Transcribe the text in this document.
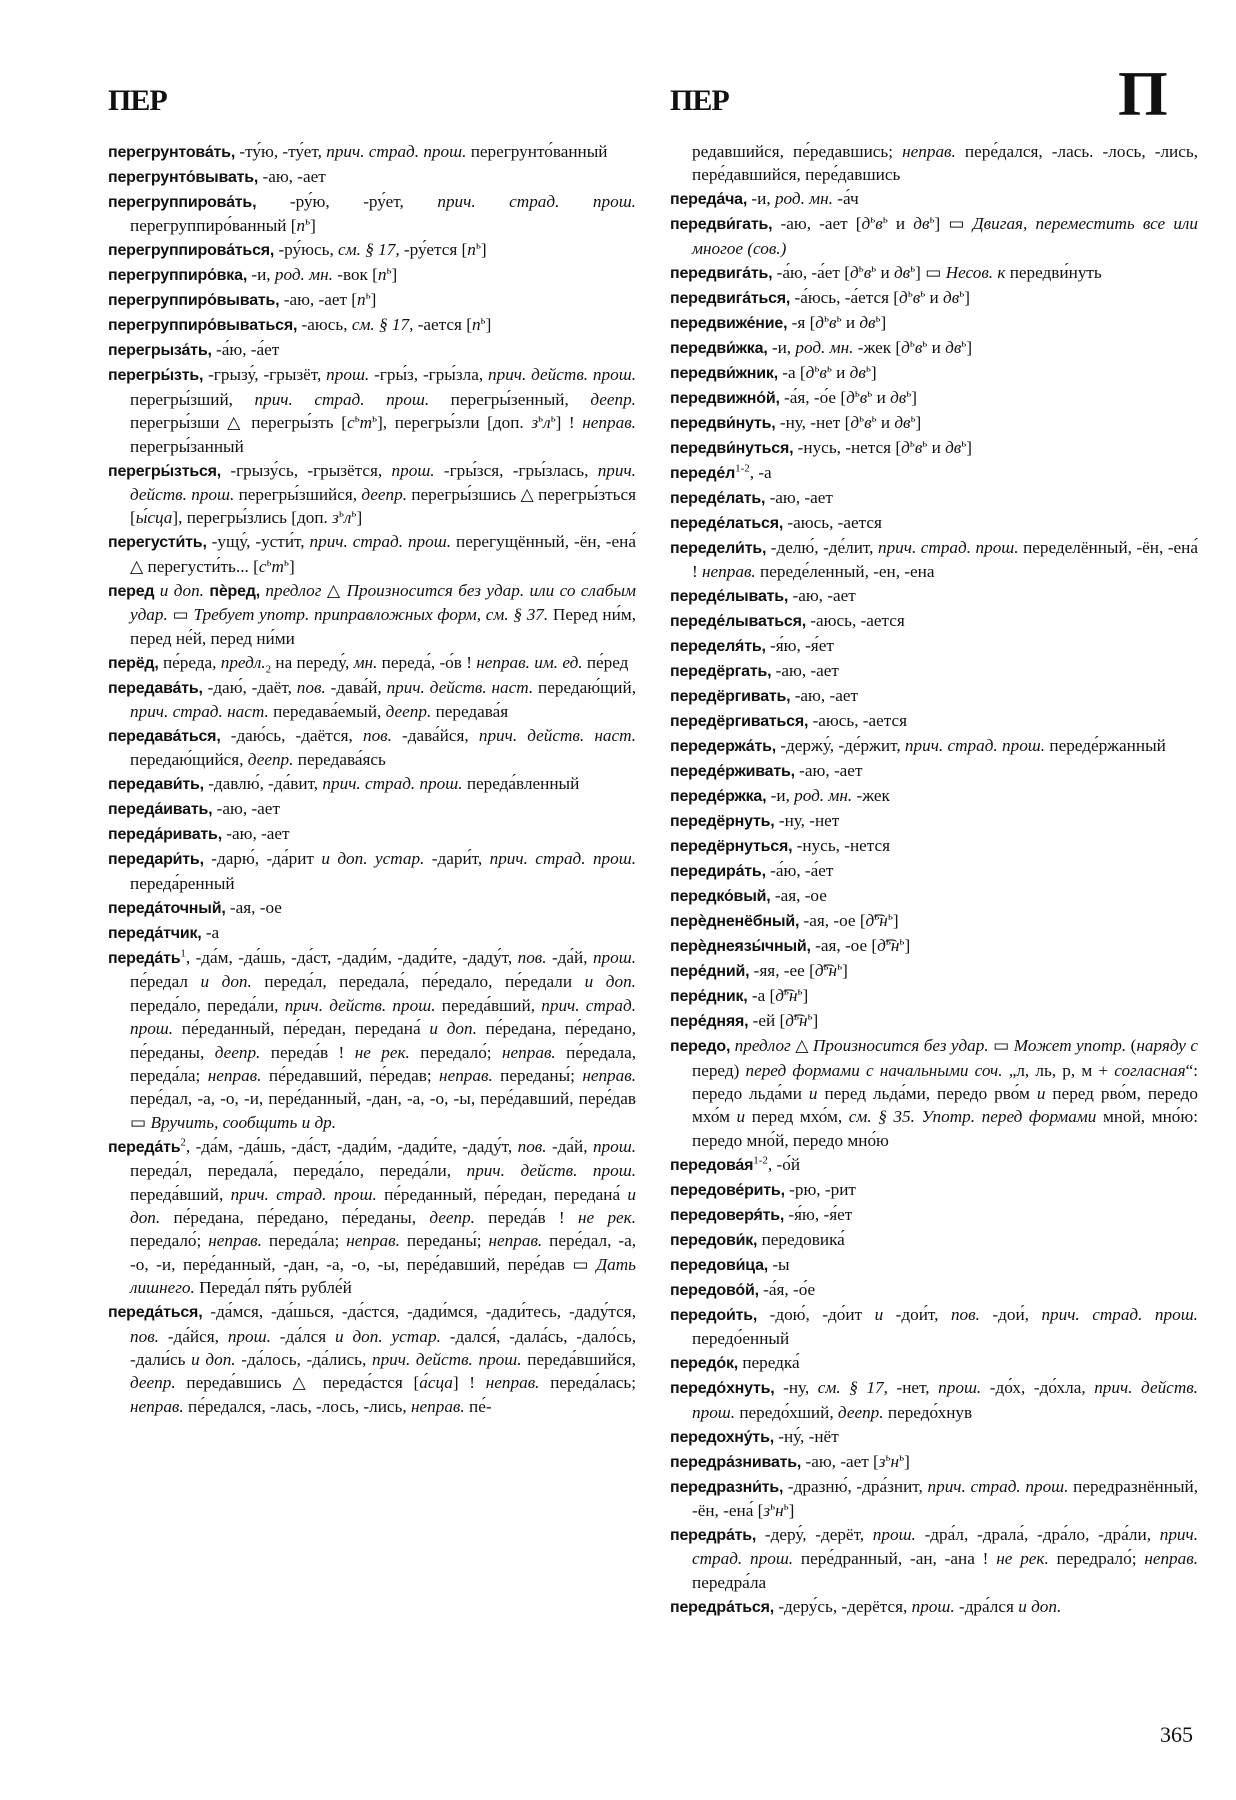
ПЕР	ПЕР	П

перегрунтова́ть, -ту́ю, -ту́ет, прич. страд. прош. перегрунто́ванный

перегрунто́вывать, -аю, -ает

перегруппирова́ть, -ру́ю, -ру́ет, прич. страд. прош. перегруппиро́ванный $[п^ь]$

перегруппирова́ться, -ру́юсь, см. § 17, -ру́ется $[п^ь]$

перегруппиро́вка, -и, род. мн. -вок $[п^ь]$

перегруппиро́вывать, -аю, -ает $[п^ь]$

перегруппиро́вываться, -аюсь, см. § 17, -ается $[п^ь]$

перегрыза́ть, -а́ю, -а́ет

перегры́зть, -грызу́, -грызёт, прош. -гры́з, -гры́зла, прич. действ. прош. перегры́зший, прич. страд. прош. перегры́зенный, деепр. перегры́зши △ перегры́зть $[с^ьт^ь]$, перегры́зли [доп. $з^ьл^ь$] ! неправ. перегры́занный

перегры́зться, -грызу́сь, -грызётся, прош. -гры́зся, -гры́злась, прич. действ. прош. перегры́зшийся, деепр. перегры́зшись △ перегры́зться [ы́сца], перегры́злись [доп. $з^ьл^ь$]

перегусти́ть, -ущу́, -усти́т, прич. страд. прош. перегущённый, -ён, -ена́ △ перегусти́ть... $[с^ьт^ь]$

перед и доп. пѐред, предлог △ Произносится без удар. или со слабым удар. ▭ Требует употр. приправложных форм, см. § 37. Перед ни́м, перед не́й, перед ни́ми

перёд, пе́реда, $предл._2$ на переду́, мн. переда́, -о́в ! неправ. им. ед. пе́ред

передава́ть, -даю́, -даёт, пов. -дава́й, прич. действ. наст. передаю́щий, прич. страд. наст. передава́емый, деепр. передава́я

передава́ться, -даю́сь, -даётся, пов. -дава́йся, прич. действ. наст. передаю́щийся, деепр. передава́ясь

передави́ть, -давлю́, -да́вит, прич. страд. прош. переда́вленный

переда́ивать, -аю, -ает

переда́ривать, -аю, -ает

передари́ть, -дарю́, -да́рит и доп. устар. -дари́т, прич. страд. прош. переда́ренный

переда́точный, -ая, -ое

переда́тчик, -а

$переда́ть^1$, -да́м, -да́шь, -да́ст, -дади́м, -дади́те, -даду́т, пов. -да́й, прош. пе́редал и доп. переда́л, передала́, пе́редало, пе́редали и доп. переда́ло, переда́ли, прич. действ. прош. переда́вший, прич. страд. прош. пе́реданный, пе́редан, передана́ и доп. пе́редана, пе́редано, пе́реданы, деепр. переда́в ! не рек. передало́; неправ. пе́редала, переда́ла; неправ. пе́редавший, пе́редав; неправ. переданы́; неправ. пере́дал, -а, -о, -и, пере́данный, -дан, -а, -о, -ы, пере́давший, пере́дав ▭ Вручить, сообщить и др.

$переда́ть^2$, -да́м, -да́шь, -да́ст, -дади́м, -дади́те, -даду́т, пов. -да́й, прош. переда́л, передала́, переда́ло, переда́ли, прич. действ. прош. переда́вший, прич. страд. прош. пе́реданный, пе́редан, передана́ и доп. пе́редана, пе́редано, пе́реданы, деепр. переда́в ! не рек. передало́; неправ. переда́ла; неправ. переданы́; неправ. пере́дал, -а, -о, -и, пере́данный, -дан, -а, -о, -ы, пере́давший, пере́дав ▭ Дать лишнего. Переда́л пя́ть рубле́й

переда́ться, -да́мся, -да́шься, -да́стся, -дади́мся, -дади́тесь, -даду́тся, пов. -да́йся, прош. -да́лся и доп. устар. -дался́, -дала́сь, -дало́сь, -дали́сь и доп. -да́лось, -да́лись, прич. действ. прош. переда́вшийся, деепр. переда́вшись △ переда́стся [а́сца] ! неправ. переда́лась; неправ. пе́редался, -лась, -лось, -лись, неправ. пе́-

редавшийся, пе́редавшись; неправ. пере́дался, -лась. -лось, -лись, пере́давшийся, пере́давшись

переда́ча, -и, род. мн. -а́ч

передви́гать, -аю, -ает [$д^ьв^ь$ и $дв^ь$] ▭ Двигая, переместить все или многое (сов.)

передвига́ть, -а́ю, -а́ет [$д^ьв^ь$ и $дв^ь$] ▭ Несов. к передви́нуть

передвига́ться, -а́юсь, -а́ется [$д^ьв^ь$ и $дв^ь$]

передвиже́ние, -я [$д^ьв^ь$ и $дв^ь$]

передви́жка, -и, род. мн. -жек [$д^ьв^ь$ и $дв^ь$]

передви́жник, -а [$д^ьв^ь$ и $дв^ь$]

передвижно́й, -а́я, -о́е [$д^ьв^ь$ и $дв^ь$]

передви́нуть, -ну, -нет [$д^ьв^ь$ и $дв^ь$]

передви́нуться, -нусь, -нется [$д^ьв^ь$ и $дв^ь$]

$переде́л^{1-2}$, -а

переде́лать, -аю, -ает

переде́латься, -аюсь, -ается

передели́ть, -делю́, -де́лит, прич. страд. прош. переделённый, -ён, -ена́ ! неправ. переде́ленный, -ен, -ена

переде́лывать, -аю, -ает

переде́лываться, -аюсь, -ается

переделя́ть, -я́ю, -я́ет

передёргать, -аю, -ает

передёргивать, -аю, -ает

передёргиваться, -аюсь, -ается

передержа́ть, -держу́, -де́ржит, прич. страд. прош. переде́ржанный

переде́рживать, -аю, -ает

переде́ржка, -и, род. мн. -жек

передёрнуть, -ну, -нет

передёрнуться, -нусь, -нется

передира́ть, -а́ю, -а́ет

передко́вый, -ая, -ое

перѐдненёбный, -ая, -ое $[д͡^ьн^ь]$

перѐднеязы́чный, -ая, -ое $[д͡^ьн^ь]$

пере́дний, -яя, -ее $[д͡^ьн^ь]$

пере́дник, -а $[д͡^ьн^ь]$

пере́дняя, -ей $[д͡^ьн^ь]$

передо, предлог △ Произносится без удар. ▭ Может употр. (наряду с перед) перед формами с начальными соч. „л, ль, р, м + согласная“: передо льда́ми и перед льда́ми, передо рво́м и перед рво́м, передо мхо́м и перед мхо́м, см. § 35. Употр. перед формами мной, мно́ю: передо мно́й, передо мно́ю

$передова́я^{1-2}$, -о́й

передове́рить, -рю, -рит

передоверя́ть, -я́ю, -я́ет

передови́к, передовика́

передови́ца, -ы

передово́й, -а́я, -о́е

передои́ть, -дою́, -до́ит и -дои́т, пов. -дои́, прич. страд. прош. передо́енный

передо́к, передка́

передо́хнуть, -ну, см. § 17, -нет, прош. -до́х, -до́хла, прич. действ. прош. передо́хший, деепр. передо́хнув

передохну́ть, -ну́, -нёт

передра́знивать, -аю, -ает $[з^ьн^ь]$

передразни́ть, -дразню́, -дра́знит, прич. страд. прош. передразнённый, -ён, -ена́ $[з^ьн^ь]$

передра́ть, -деру́, -дерёт, прош. -дра́л, -драла́, -дра́ло, -дра́ли, прич. страд. прош. пере́дранный, -ан, -ана ! не рек. передрало́; неправ. передра́ла

передра́ться, -деру́сь, -дерётся, прош. -дра́лся и доп.

365
